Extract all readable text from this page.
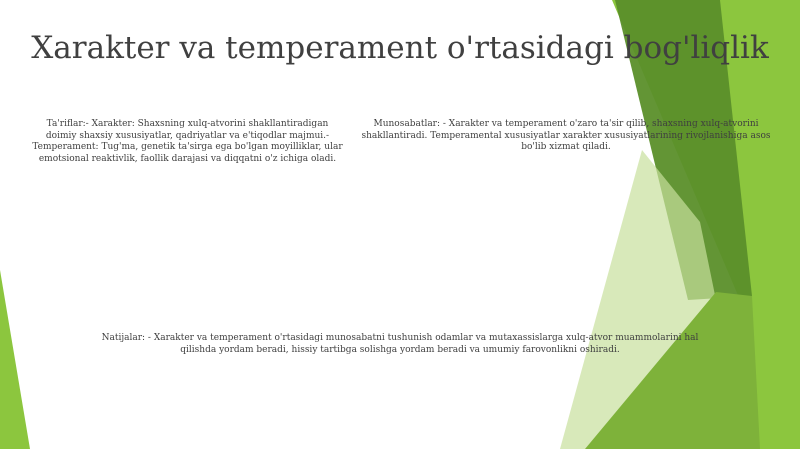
Xarakter va temperament o'rtasidagi bog'liqlik
Ta'riflar:- Xarakter: Shaxsning xulq-atvorini shakllantiradigan doimiy shaxsiy xususiyatlar, qadriyatlar va e'tiqodlar majmui.- Temperament: Tug'ma, genetik ta'sirga ega bo'lgan moyilliklar, ular emotsional reaktivlik, faollik darajasi va diqqatni o'z ichiga oladi.
Munosabatlar: - Xarakter va temperament o'zaro ta'sir qilib, shaxsning xulq-atvorini shakllantiradi. Temperamental xususiyatlar xarakter xususiyatlarining rivojlanishiga asos bo'lib xizmat qiladi.
Natijalar: - Xarakter va temperament o'rtasidagi munosabatni tushunish odamlar va mutaxassislarga xulq-atvor muammolarini hal qilishda yordam beradi, hissiy tartibga solishga yordam beradi va umumiy farovonlikni oshiradi.
